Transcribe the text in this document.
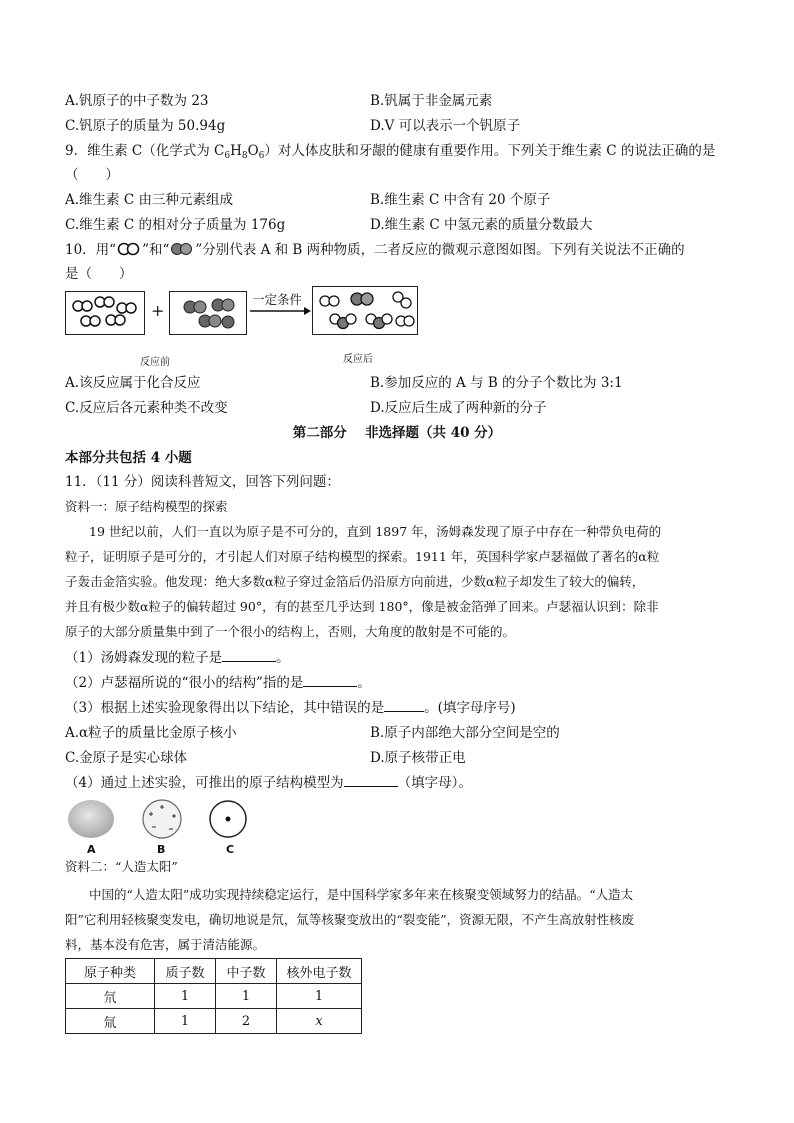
A.钒原子的中子数为 23	B.钒属于非金属元素
C.钒原子的质量为 50.94g	D.V 可以表示一个钒原子
9．维生素 C（化学式为 $C_6H_8O_6$）对人体皮肤和牙龈的健康有重要作用。下列关于维生素 C 的说法正确的是
（　　）
A.维生素 C 由三种元素组成	B.维生素 C 中含有 20 个原子
C.维生素 C 的相对分子质量为 176g	D.维生素 C 中氢元素的质量分数最大
10．用“ ”和“ ”分别代表 A 和 B 两种物质，二者反应的微观示意图如图。下列有关说法不正确的
是（　　）
+
一定条件
反应前	反应后
A.该反应属于化合反应	B.参加反应的 A 与 B 的分子个数比为 3:1
C.反应后各元素种类不改变	D.反应后生成了两种新的分子
第二部分　 非选择题（共 40 分）
本部分共包括 4 小题
11．（11 分）阅读科普短文，回答下列问题：
资料一：原子结构模型的探索
19 世纪以前，人们一直以为原子是不可分的，直到 1897 年，汤姆森发现了原子中存在一种带负电荷的
粒子，证明原子是可分的，才引起人们对原子结构模型的探索。1911 年，英国科学家卢瑟福做了著名的α粒
子轰击金箔实验。他发现：绝大多数α粒子穿过金箔后仍沿原方向前进，少数α粒子却发生了较大的偏转，
并且有极少数α粒子的偏转超过 90°，有的甚至几乎达到 180°，像是被金箔弹了回来。卢瑟福认识到：除非
原子的大部分质量集中到了一个很小的结构上，否则，大角度的散射是不可能的。
（1）汤姆森发现的粒子是	。
（2）卢瑟福所说的“很小的结构”指的是	。
（3）根据上述实验现象得出以下结论，其中错误的是	。(填字母序号)
A.α粒子的质量比金原子核小	B.原子内部绝大部分空间是空的
C.金原子是实心球体	D.原子核带正电
（4）通过上述实验，可推出的原子结构模型为	（填字母）。
A	B	C
资料二：“人造太阳”
中国的“人造太阳”成功实现持续稳定运行，是中国科学家多年来在核聚变领域努力的结晶。“人造太
阳”它利用轻核聚变发电，确切地说是氘，氚等核聚变放出的“裂变能”，资源无限，不产生高放射性核废
料，基本没有危害，属于清洁能源。
原子种类	质子数	中子数	核外电子数
氘	1	1	1
氚	1	2	x
